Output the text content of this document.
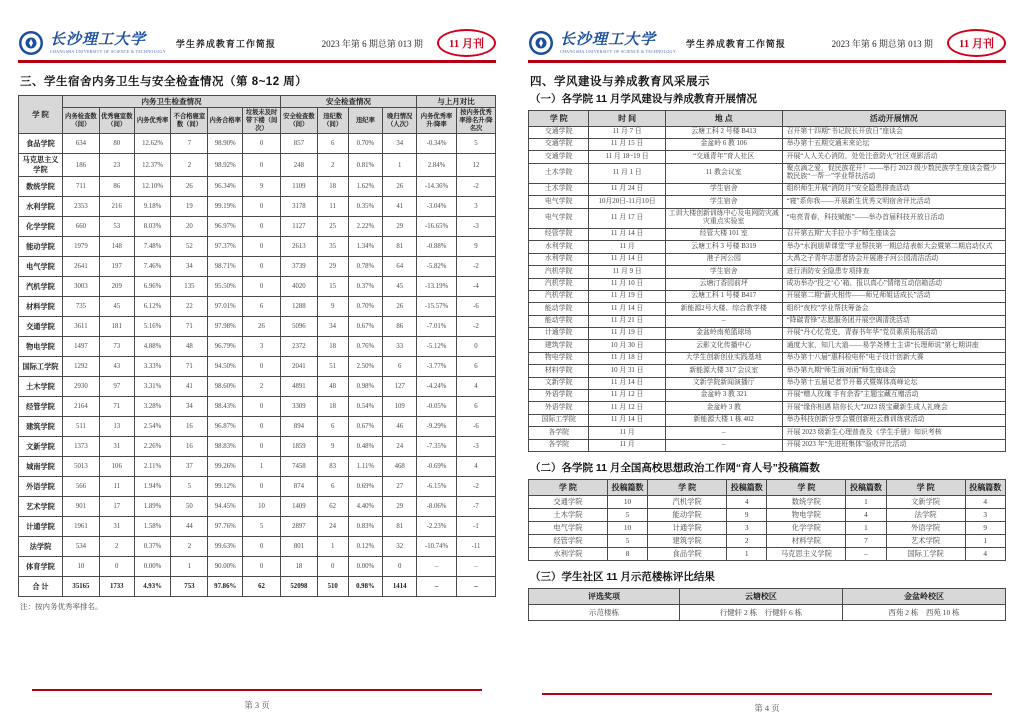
长沙理工大学
CHANGSHA UNIVERSITY OF SCIENCE & TECHNOLOGY
学生养成教育工作简报	2023 年第 6 期总第 013 期	11 月刊
三、学生宿舍内务卫生与安全检查情况（第 8~12 周）
学 院	内务卫生检查情况						安全检查情况				与上月对比	
	内务检查数（间）	优秀寝室数（间）	内务优秀率	不合格寝室数（间）	内务合格率	垃圾未及时带下楼（间次）	安全检查数（间）	违纪数（间）	违纪率	晚归情况（人次）	内务优秀率升/降率	按内务优秀率排名升/降名次
食品学院	634	80	12.62%	7	98.90%	0	857	6	0.70%	34	-0.34%	5
马克思主义学院	186	23	12.37%	2	98.92%	0	248	2	0.81%	1	2.84%	12
数统学院	711	86	12.10%	26	96.34%	9	1109	18	1.62%	26	-14.36%	-2
水利学院	2353	216	9.18%	19	99.19%	0	3178	11	0.35%	41	-3.04%	3
化学学院	660	53	8.03%	20	96.97%	0	1127	25	2.22%	29	-16.65%	-3
能动学院	1979	148	7.48%	52	97.37%	0	2613	35	1.34%	81	-0.88%	9
电气学院	2641	197	7.46%	34	98.71%	0	3739	29	0.78%	64	-5.82%	-2
汽机学院	3003	209	6.96%	135	95.50%	0	4020	15	0.37%	45	-13.19%	-4
材料学院	735	45	6.12%	22	97.01%	6	1288	9	0.70%	26	-15.57%	-6
交通学院	3611	181	5.16%	71	97.98%	26	5096	34	0.67%	86	-7.01%	-2
物电学院	1497	73	4.88%	48	96.79%	3	2372	18	0.76%	33	-5.12%	0
国际工学院	1292	43	3.33%	71	94.50%	0	2041	51	2.50%	6	-3.77%	6
土木学院	2930	97	3.31%	41	98.60%	2	4891	48	0.98%	127	-4.24%	4
经管学院	2164	71	3.28%	34	98.43%	0	3309	18	0.54%	109	-0.05%	6
建筑学院	511	13	2.54%	16	96.87%	0	894	6	0.67%	46	-9.29%	-6
文新学院	1373	31	2.26%	16	98.83%	0	1859	9	0.48%	24	-7.35%	-3
城南学院	5013	106	2.11%	37	99.26%	1	7458	83	1.11%	468	-0.69%	4
外语学院	566	11	1.94%	5	99.12%	0	874	6	0.69%	27	-6.15%	-2
艺术学院	901	17	1.89%	50	94.45%	10	1409	62	4.40%	29	-8.06%	-7
计通学院	1961	31	1.58%	44	97.76%	5	2897	24	0.83%	81	-2.23%	-1
法学院	534	2	0.37%	2	99.63%	0	801	1	0.12%	32	-10.74%	-11
体育学院	10	0	0.00%	1	90.00%	0	18	0	0.00%	0	–	–
合 计	35165	1733	4.93%	753	97.86%	62	52098	510	0.98%	1414	–	–
注：按内务优秀率排名。
第 3 页
长沙理工大学
CHANGSHA UNIVERSITY OF SCIENCE & TECHNOLOGY
学生养成教育工作简报	2023 年第 6 期总第 013 期	11 月刊
四、学风建设与养成教育风采展示
（一）各学院 11 月学风建设与养成教育开展情况
学 院	时 间	地 点	活动开展情况
交通学院	11 月 7 日	云塘工科 2 号楼 B413	召开第十四期“书记院长开放日”座谈会
交通学院	11 月 15 日	金盆岭 6 教 106	举办第十五期交通未来论坛
交通学院	11 月 18~19 日	“交通青年”育人社区	开展“人人关心消防，处处注意防火”社区观影活动
土木学院	11 月 1 日	11 教会议室	聚点滴之爱，促民族花开！——举行 2023 级少数民族学生座谈会暨少数民族“一帮一”学业帮扶活动
土木学院	11 月 24 日	学生宿舍	组织师生开展“消防月”安全隐患排查活动
电气学院	10月20日-11月10日	学生宿舍	“寝”系你我——开展新生优秀文明宿舍评比活动
电气学院	11 月 17 日	工训大楼创新训练中心及电网防灾减灾重点实验室	“电亮青春，科技赋能”——举办首届科技开放日活动
经管学院	11 月 14 日	经管大楼 101 室	召开第五期“大手拉小手”师生座谈会
水利学院	11 月	云塘工科 3 号楼 B319	举办“水润朋辈课堂”学业帮扶第一期总结表彰大会暨第二期启动仪式
水利学院	11 月 14 日	港子河公园	大禹之子青年志愿者协会开展港子河公园清洁活动
汽机学院	11 月 9 日	学生宿舍	进行消防安全隐患专项排查
汽机学院	11 月 10 日	云塘汀香园前坪	成功举办“投之‘心’箱、报以真心”情绪互动信箱活动
汽机学院	11 月 19 日	云塘工科 1 号楼 B417	开展第二期“薪火相传——师兄师姐话成长”活动
能动学院	11 月 14 日	新能源2号大楼、综合教学楼	组织“夜校”学业帮扶筹备会
能动学院	11 月 21 日	–	“降碳青锋”志愿服务团开展空调清洗活动
计通学院	11 月 19 日	金盆岭南苑篮球场	开展“丹心忆党史，青春书年华”党员素质拓展活动
建筑学院	10 月 30 日	云影文化传播中心	通度大家，知几大道——易学尧博士主讲“长理师说”第七期讲座
物电学院	11 月 18 日	大学生创新创业实践基地	举办第十八届“惠科检电杯”电子设计创新大赛
材料学院	10 月 31 日	新能源大楼 317 会议室	举办第九期“师生面对面”师生座谈会
文新学院	11 月 14 日	文新学院新闻演播厅	举办第十五届记者节开幕式暨媒体高峰论坛
外语学院	11 月 12 日	金盆岭 3 教 321	开展“赠人玫瑰 手有余香”主题宝藏互赠活动
外语学院	11 月 12 日	金盆岭 3 教	开展“缘你相遇 陪你长大”2023 级宝藏新生成人礼晚会
国际工学院	11 月 14 日	新能源大楼 1 栋 402	举办科技创新分享会暨创新班云鼎训练营活动
各学院	11 月	–	开展 2023 级新生心理普查及《学生手册》知识考核
各学院	11 月	–	开展 2023 年“先进班集体”验收评比活动
（二）各学院 11 月全国高校思想政治工作网“育人号”投稿篇数
学 院	投稿篇数	学 院	投稿篇数	学 院	投稿篇数	学 院	投稿篇数
交通学院	10	汽机学院	4	数统学院	1	文新学院	4
土木学院	5	能动学院	9	物电学院	4	法学院	3
电气学院	10	计通学院	3	化学学院	1	外语学院	9
经管学院	5	建筑学院	2	材料学院	7	艺术学院	1
水利学院	8	食品学院	1	马克思主义学院	–	国际工学院	4
（三）学生社区 11 月示范楼栋评比结果
评选奖项	云塘校区	金盆岭校区
示范楼栋	行健轩 2 栋　行健轩 6 栋	西苑 2 栋　西苑 10 栋
第 4 页
